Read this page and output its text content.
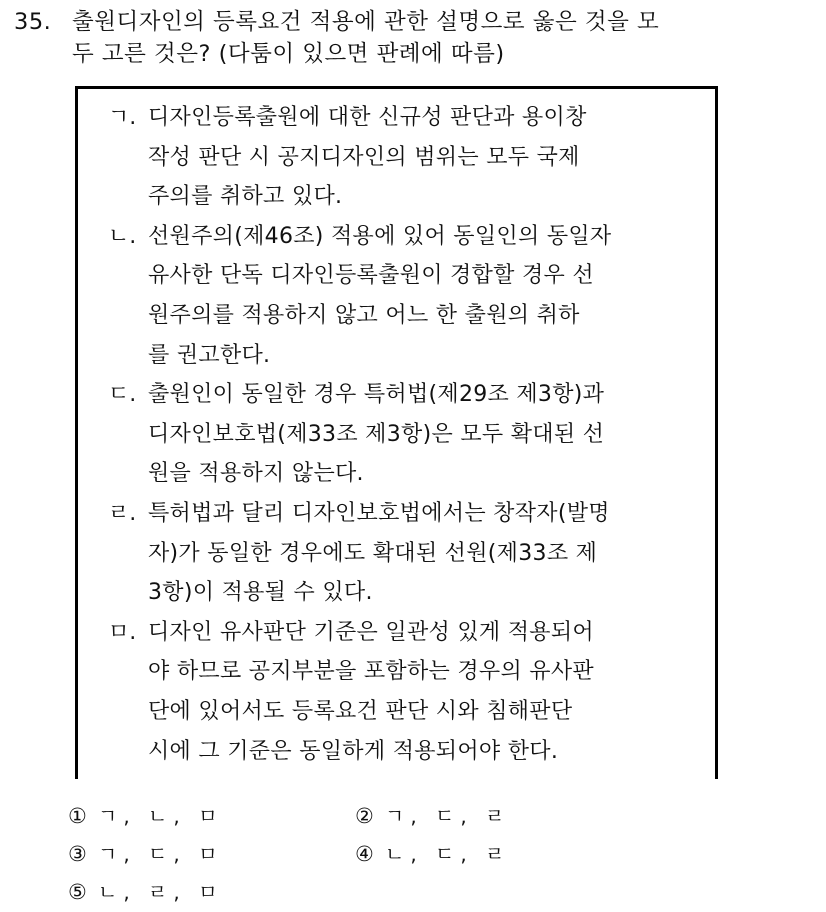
35. 출원디자인의 등록요건 적용에 관한 설명으로 옳은 것을 모
두 고른 것은? (다툼이 있으면 판례에 따름)
ㄱ. 디자인등록출원에 대한 신규성 판단과 용이창
작성 판단 시 공지디자인의 범위는 모두 국제
주의를 취하고 있다.
ㄴ. 선원주의(제46조) 적용에 있어 동일인의 동일자
유사한 단독 디자인등록출원이 경합할 경우 선
원주의를 적용하지 않고 어느 한 출원의 취하
를 권고한다.
ㄷ. 출원인이 동일한 경우 특허법(제29조 제3항)과
디자인보호법(제33조 제3항)은 모두 확대된 선
원을 적용하지 않는다.
ㄹ. 특허법과 달리 디자인보호법에서는 창작자(발명
자)가 동일한 경우에도 확대된 선원(제33조 제
3항)이 적용될 수 있다.
ㅁ. 디자인 유사판단 기준은 일관성 있게 적용되어
야 하므로 공지부분을 포함하는 경우의 유사판
단에 있어서도 등록요건 판단 시와 침해판단
시에 그 기준은 동일하게 적용되어야 한다.
① ㄱ, ㄴ, ㅁ	② ㄱ, ㄷ, ㄹ
③ ㄱ, ㄷ, ㅁ	④ ㄴ, ㄷ, ㄹ
⑤ ㄴ, ㄹ, ㅁ
